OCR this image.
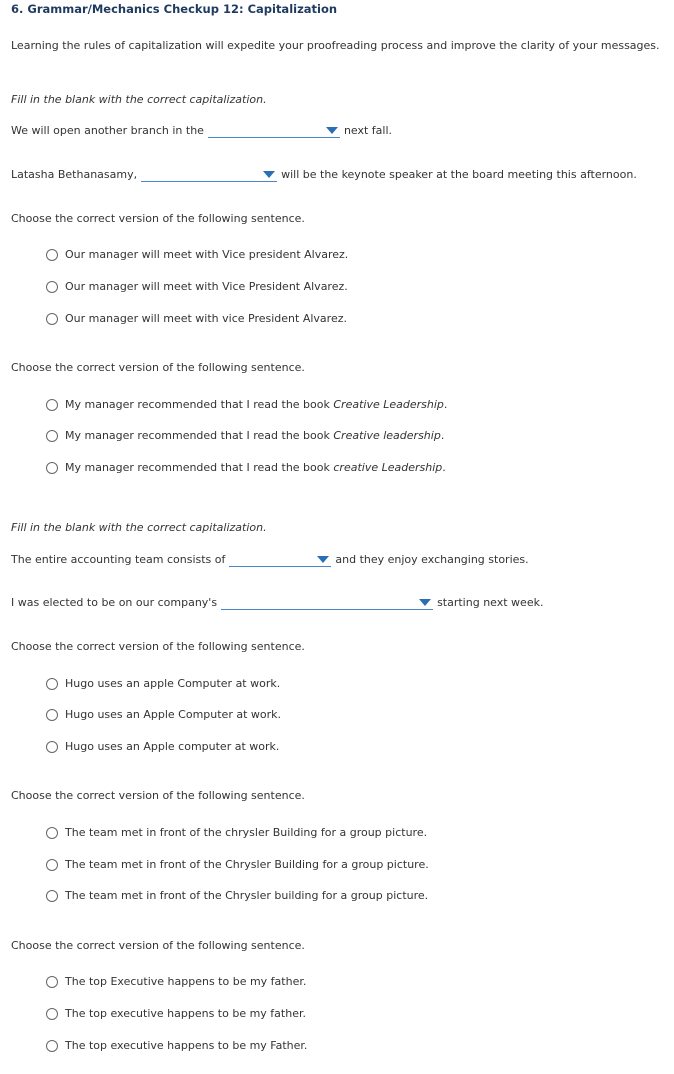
6. Grammar/Mechanics Checkup 12: Capitalization
Learning the rules of capitalization will expedite your proofreading process and improve the clarity of your messages.
Fill in the blank with the correct capitalization.
We will open another branch in the	next fall.
Latasha Bethanasamy,	will be the keynote speaker at the board meeting this afternoon.
Choose the correct version of the following sentence.
Our manager will meet with Vice president Alvarez.
Our manager will meet with Vice President Alvarez.
Our manager will meet with vice President Alvarez.
Choose the correct version of the following sentence.
My manager recommended that I read the book Creative Leadership.
My manager recommended that I read the book Creative leadership.
My manager recommended that I read the book creative Leadership.
Fill in the blank with the correct capitalization.
The entire accounting team consists of	and they enjoy exchanging stories.
I was elected to be on our company's	starting next week.
Choose the correct version of the following sentence.
Hugo uses an apple Computer at work.
Hugo uses an Apple Computer at work.
Hugo uses an Apple computer at work.
Choose the correct version of the following sentence.
The team met in front of the chrysler Building for a group picture.
The team met in front of the Chrysler Building for a group picture.
The team met in front of the Chrysler building for a group picture.
Choose the correct version of the following sentence.
The top Executive happens to be my father.
The top executive happens to be my father.
The top executive happens to be my Father.
